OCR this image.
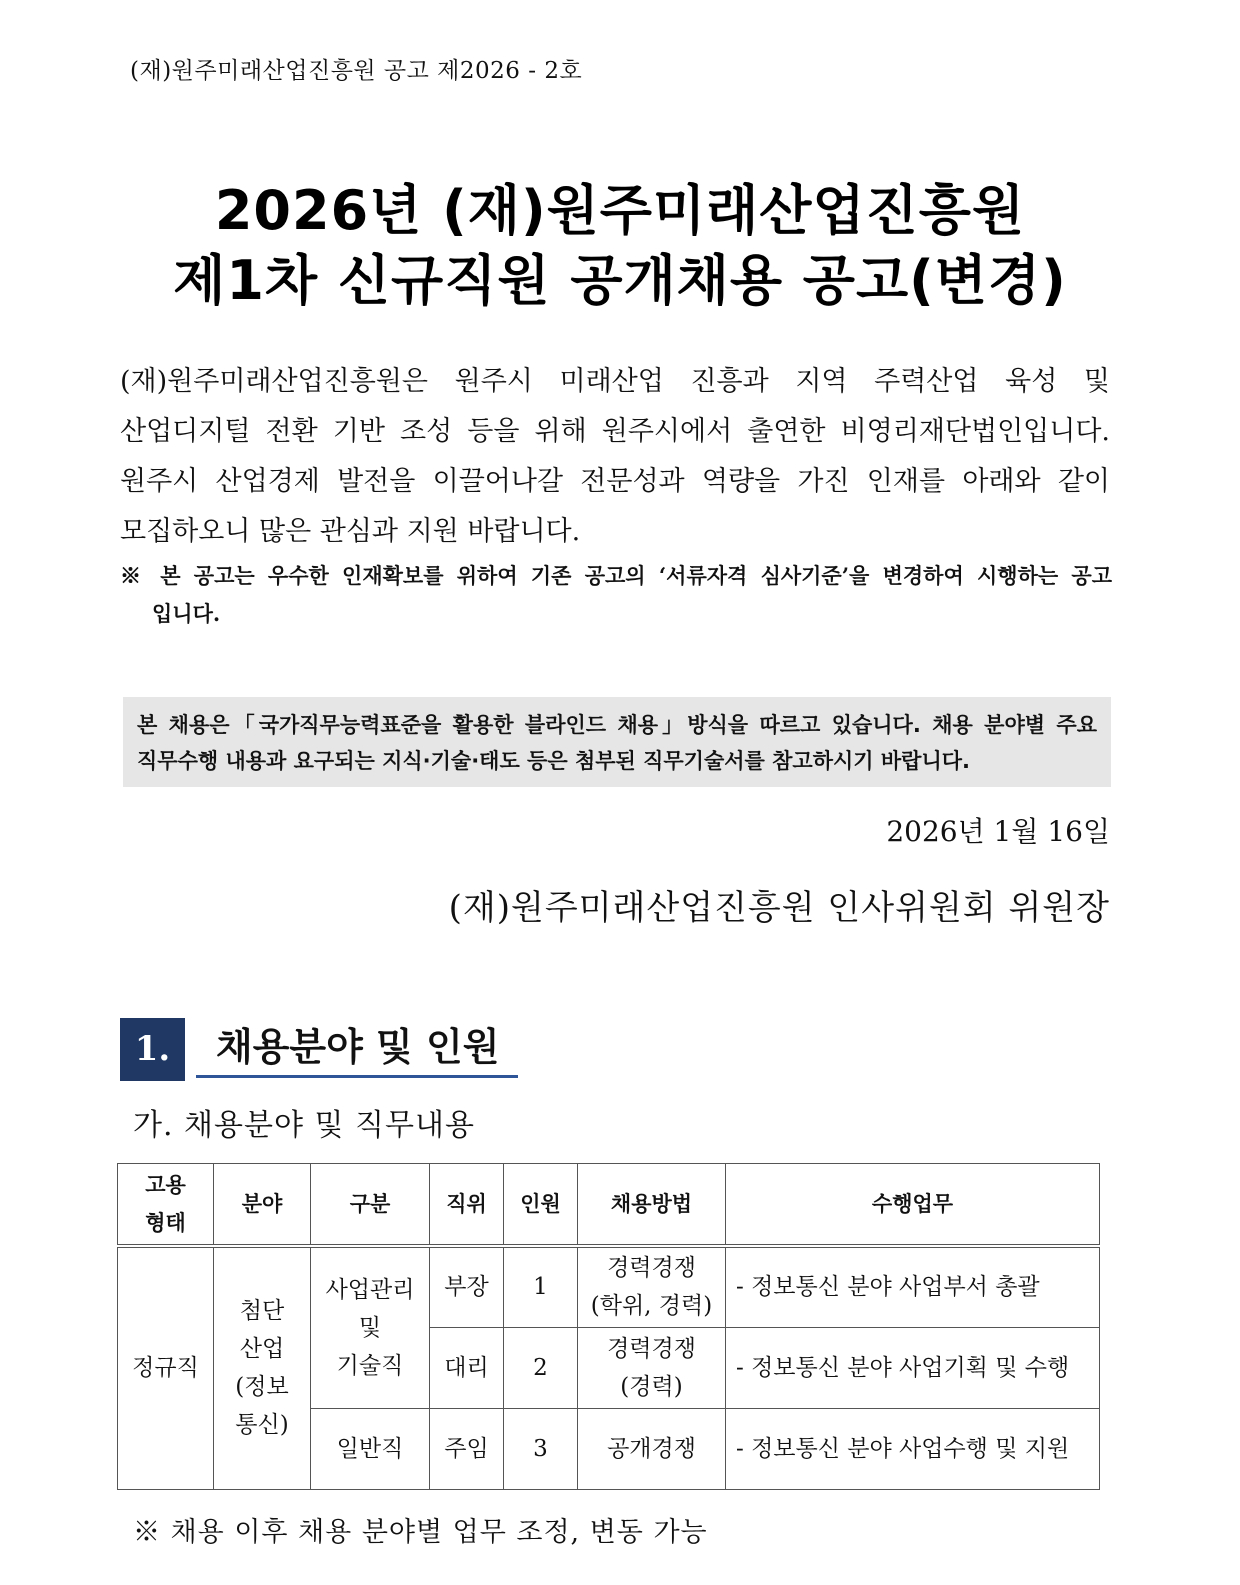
(재)원주미래산업진흥원 공고 제2026 - 2호
2026년 (재)원주미래산업진흥원
제1차 신규직원 공개채용 공고(변경)

(재)원주미래산업진흥원은 원주시 미래산업 진흥과 지역 주력산업 육성 및

산업디지털 전환 기반 조성 등을 위해 원주시에서 출연한 비영리재단법인입니다.

원주시 산업경제 발전을 이끌어나갈 전문성과 역량을 가진 인재를 아래와 같이

모집하오니 많은 관심과 지원 바랍니다.

※ 본 공고는 우수한 인재확보를 위하여 기존 공고의 ‘서류자격 심사기준’을 변경하여 시행하는 공고
입니다.
본 채용은「국가직무능력표준을 활용한 블라인드 채용」방식을 따르고 있습니다. 채용 분야별 주요
직무수행 내용과 요구되는 지식·기술·태도 등은 첨부된 직무기술서를 참고하시기 바랍니다.
2026년 1월 16일
(재)원주미래산업진흥원 인사위원회 위원장
1.	채용분야 및 인원
가. 채용분야 및 직무내용
고용
형태	분야	구분	직위	인원	채용방법	수행업무
정규직	첨단
산업
(정보
통신)	사업관리
및
기술직	부장	1	경력경쟁
(학위, 경력)	- 정보통신 분야 사업부서 총괄
			대리	2	경력경쟁
(경력)	- 정보통신 분야 사업기획 및 수행
		일반직	주임	3	공개경쟁	- 정보통신 분야 사업수행 및 지원
※ 채용 이후 채용 분야별 업무 조정, 변동 가능
